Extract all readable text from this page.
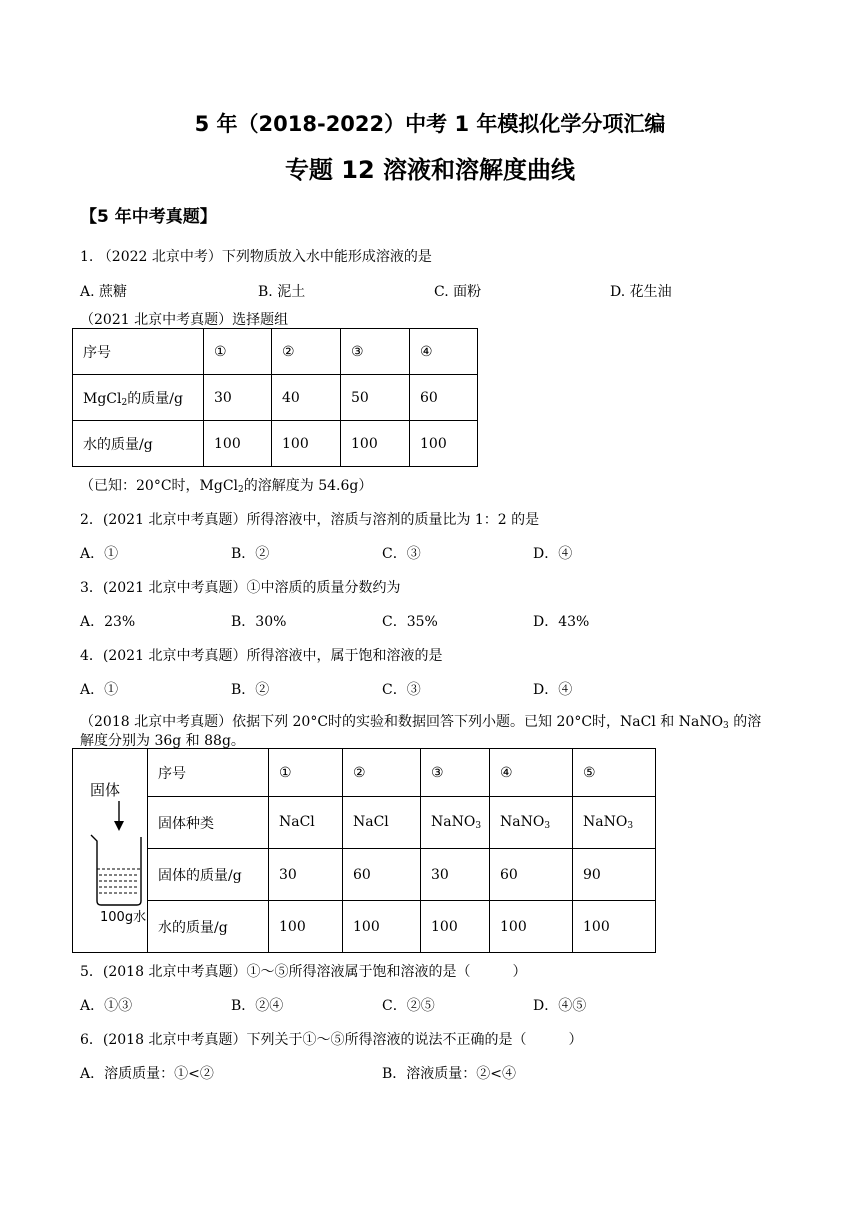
5 年（2018-2022）中考 1 年模拟化学分项汇编
专题 12 溶液和溶解度曲线
【5 年中考真题】
1. （2022 北京中考）下列物质放入水中能形成溶液的是
A. 蔗糖	B. 泥土	C. 面粉	D. 花生油
（2021 北京中考真题）选择题组
序号	①	②	③	④
MgCl$_2$的质量/g	30	40	50	60
水的质量/g	100	100	100	100
（已知：20°C时，MgCl$_2$的溶解度为 54.6g）
2．(2021 北京中考真题）所得溶液中，溶质与溶剂的质量比为 1：2 的是
A．①	B．②	C．③	D．④
3．(2021 北京中考真题）①中溶质的质量分数约为
A．23%	B．30%	C．35%	D．43%
4．(2021 北京中考真题）所得溶液中，属于饱和溶液的是
A．①	B．②	C．③	D．④
（2018 北京中考真题）依据下列 20°C时的实验和数据回答下列小题。已知 20°C时，NaCl 和 NaNO$_3$ 的溶
解度分别为 36g 和 88g。
固体
100g水	序号	①	②	③	④	⑤
	固体种类	NaCl	NaCl	NaNO$_3$	NaNO$_3$	NaNO$_3$
	固体的质量/g	30	60	30	60	90
	水的质量/g	100	100	100	100	100
5．(2018 北京中考真题）①～⑤所得溶液属于饱和溶液的是（　　　）
A．①③	B．②④	C．②⑤	D．④⑤
6．(2018 北京中考真题）下列关于①～⑤所得溶液的说法不正确的是（　　　）
A．溶质质量：①<②	B．溶液质量：②<④
